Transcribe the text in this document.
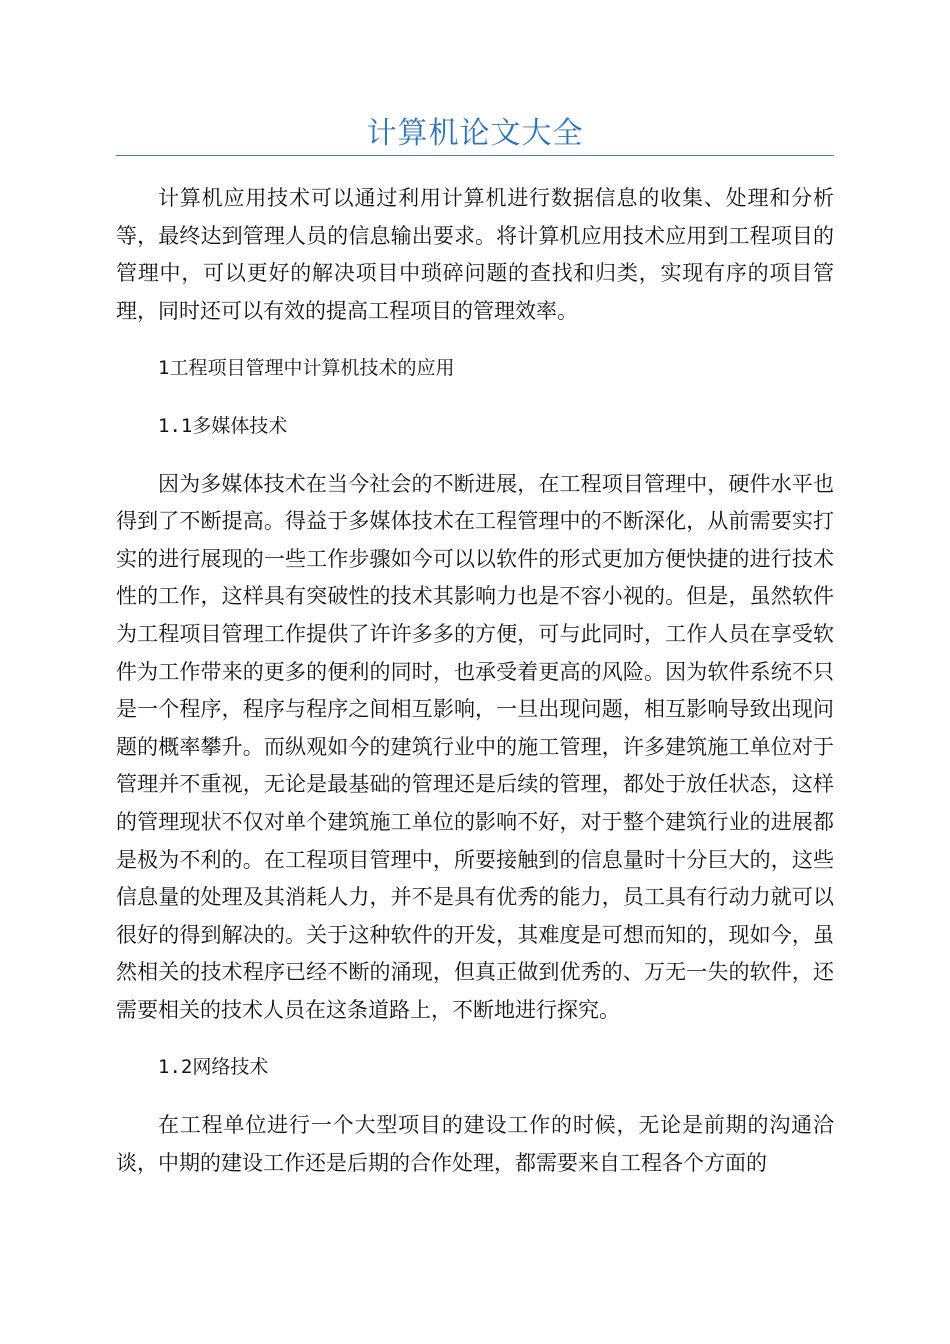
计算机论文大全

计算机应用技术可以通过利用计算机进行数据信息的收集、处理和分析等，最终达到管理人员的信息输出要求。将计算机应用技术应用到工程项目的管理中，可以更好的解决项目中琐碎问题的查找和归类，实现有序的项目管理，同时还可以有效的提高工程项目的管理效率。

1工程项目管理中计算机技术的应用

1.1多媒体技术

因为多媒体技术在当今社会的不断进展，在工程项目管理中，硬件水平也得到了不断提高。得益于多媒体技术在工程管理中的不断深化，从前需要实打实的进行展现的一些工作步骤如今可以以软件的形式更加方便快捷的进行技术性的工作，这样具有突破性的技术其影响力也是不容小视的。但是，虽然软件为工程项目管理工作提供了许许多多的方便，可与此同时，工作人员在享受软件为工作带来的更多的便利的同时，也承受着更高的风险。因为软件系统不只是一个程序，程序与程序之间相互影响，一旦出现问题，相互影响导致出现问题的概率攀升。而纵观如今的建筑行业中的施工管理，许多建筑施工单位对于管理并不重视，无论是最基础的管理还是后续的管理，都处于放任状态，这样的管理现状不仅对单个建筑施工单位的影响不好，对于整个建筑行业的进展都是极为不利的。在工程项目管理中，所要接触到的信息量时十分巨大的，这些信息量的处理及其消耗人力，并不是具有优秀的能力，员工具有行动力就可以很好的得到解决的。关于这种软件的开发，其难度是可想而知的，现如今，虽然相关的技术程序已经不断的涌现，但真正做到优秀的、万无一失的软件，还需要相关的技术人员在这条道路上，不断地进行探究。

1.2网络技术

在工程单位进行一个大型项目的建设工作的时候，无论是前期的沟通洽谈，中期的建设工作还是后期的合作处理，都需要来自工程各个方面的
